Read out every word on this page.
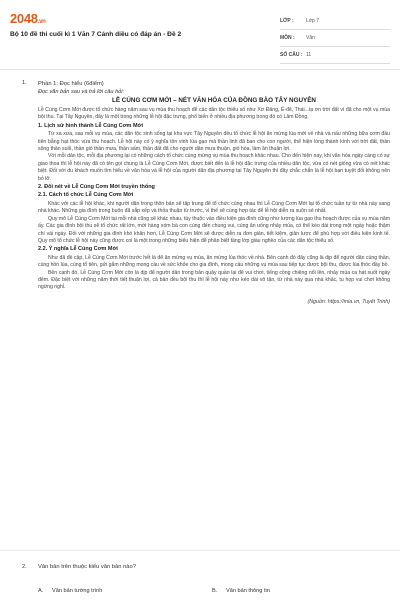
2048.vn
Bộ 10 đề thi cuối kì 1 Văn 7 Cánh diều có đáp án - Đề 2
LỚP :	Lớp 7
MÔN :	Văn
SỐ CÂU : 11
1. Phần 1: Đọc hiểu (6điểm)

Đọc văn bản sau và trả lời câu hỏi:

LỄ CÚNG CƠM MỚI – NÉT VĂN HÓA CỦA ĐỒNG BÀO TÂY NGUYÊN

Lễ Cúng Cơm Mới được tổ chức hàng năm sau vụ mùa thu hoạch để các dân tộc thiểu số như Xơ Đăng, Ê-đê, Thái...tạ ơn trời đất vì đã cho một vụ mùa bội thu. Tại Tây Nguyên, đây là một trong những lễ hội đặc trưng, phổ biến ở nhiều địa phương trong đó có Lâm Đồng.

1. Lịch sử hình thành Lễ Cúng Cơm Mới

Từ xa xưa, sau mỗi vụ mùa, các dân tộc sinh sống tại khu vực Tây Nguyên đều tổ chức lễ hội ăn mừng lúa mới vẻ nhà và nấu những bữa cơm đầu tiên bằng hạt thóc vừa thu hoạch. Lễ hội này có ý nghĩa tôn vinh lúa gạo mà thần linh đã ban cho con người, thể hiện lòng thành kính với trời đất, thần sông thần suối, thần gió thần mưa, thần sấm, thần đất đã cho người dân mưa thuận, gió hòa, làm ăn thuận lợi.

Với mỗi dân tộc, mỗi địa phương lại có những cách tổ chức cúng mừng vụ mùa thu hoạch khác nhau. Cho đến hiện nay, khi văn hóa ngày càng có sự giao thoa thì lễ hội này đã có tên gọi chung là Lễ Cúng Cơm Mới, được biết đến là lễ hội đặc trưng của nhiều dân tộc, vừa có nét giống vừa có nét khác biệt. Đối với du khách muốn tìm hiểu về văn hóa và lễ hội của người dân địa phương tại Tây Nguyên thì đây chắc chắn là lễ hội bạn tuyệt đối không nên bỏ lỡ.

2. Đôi nét về Lễ Cúng Cơm Mới truyền thống

2.1. Cách tổ chức Lễ Cúng Cơm Mới

Khác với các lễ hội khác, khi người dân trong thôn bản sẽ tập trung để tổ chức cúng nhau thì Lễ Cúng Cơm Mới lại tổ chức tuần tự từ nhà này sang nhà khác. Những gia đình trong buôn đã sắp xếp và thỏa thuận từ trước, vì thế sẽ cùng hợp tác để lễ hội diễn ra suôn sẻ nhất.

Quy mô Lễ Cúng Cơm Mới tại mỗi nhà cũng sẽ khác nhau, tùy thuộc vào điều kiện gia đình cũng như lượng lúa gạo thu hoạch được của vụ mùa năm ấy. Các gia đình bội thu sẽ tổ chức rất lớn, mời hàng xóm bà con cùng đến chung vui, cùng ăn uống nhảy múa, có thể kéo dài trong một ngày hoặc thậm chí vài ngày. Đối với những gia đình khó khăn hơn, Lễ Cúng Cơm Mới sẽ được diễn ra đơn giản, tiết kiệm, giản lược để phù hợp với điều kiện kinh tế. Quy mô tổ chức lễ hội này cũng được coi là một trong những biểu hiện để phân biệt tầng lớp giàu nghèo của các dân tộc thiểu số.

2.2. Ý nghĩa Lễ Cúng Cơm Mới

Như đã đề cập, Lễ Cúng Cơm Mới trước hết là để ăn mừng vụ mùa, ăn mừng lúa thóc về nhà. Bên cạnh đó đây cũng là dịp để người dân cúng thần, cúng hồn lúa, cúng tổ tiên, gửi gắm những mong cầu về sức khỏe cho gia đình, mong cầu những vụ mùa sau tiếp tục được bội thu, được lúa thóc đầy bồ.

Bên cạnh đó, Lễ Cúng Cơm Mới còn là dịp để người dân trong bản quây quần lại để vui chơi, tiếng cồng chiêng nổi lên, nhảy múa ca hát suốt ngày đêm. Đặc biệt với những năm thời tiết thuận lợi, cả bản đều bội thu thì lễ hội này như kéo dài vô tận, từ nhà này qua nhà khác, tụ họp vui chơi không ngừng nghỉ.

(Nguồn: https://mia.vn, Tuyết Trinh)

2. Văn bản trên thuộc kiểu văn bản nào?
A. Văn bản tường trình	B. Văn bản thông tin
